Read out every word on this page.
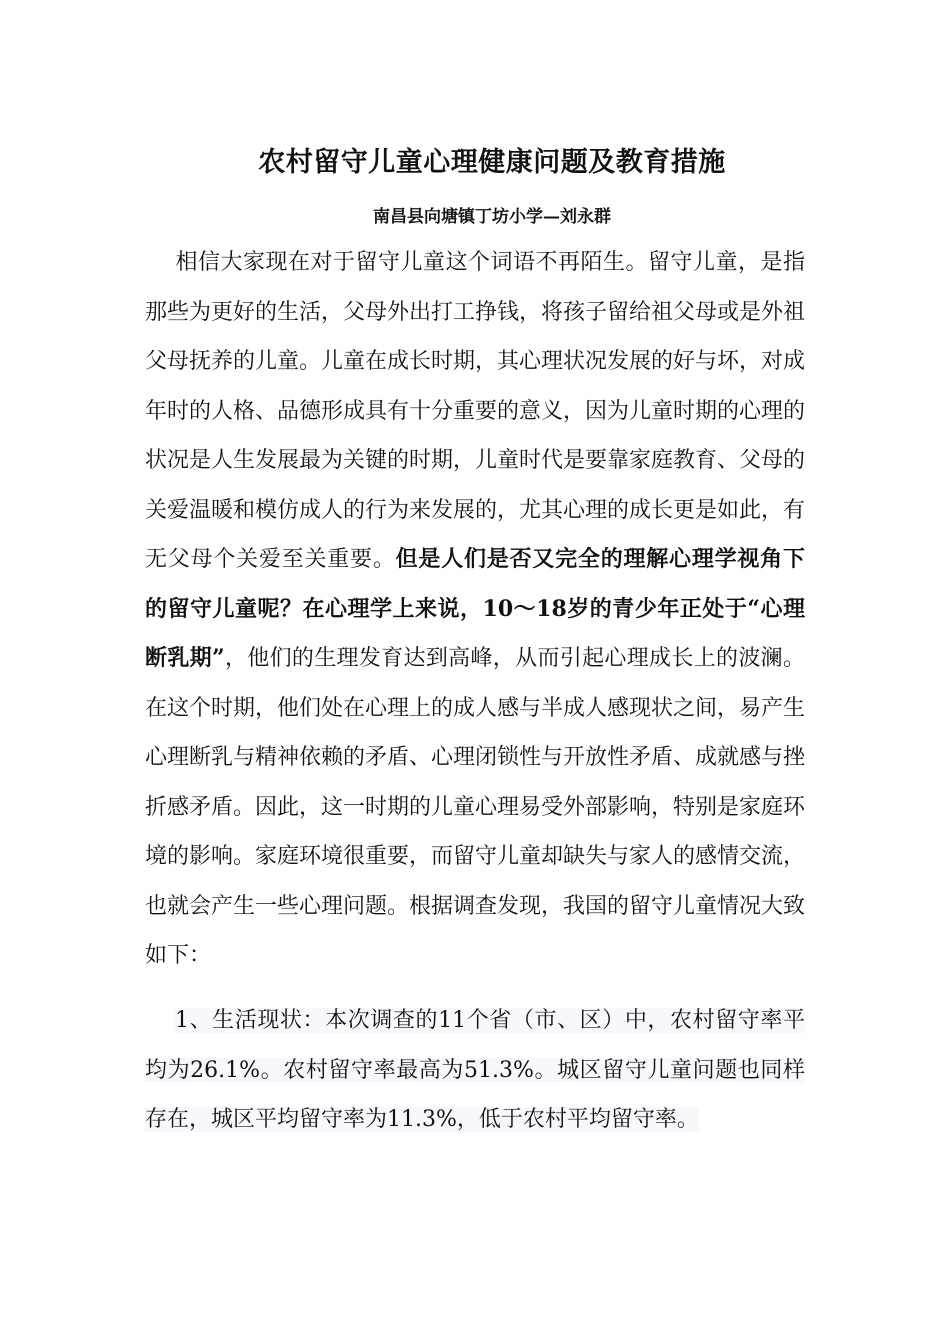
农村留守儿童心理健康问题及教育措施
南昌县向塘镇丁坊小学—刘永群
相信大家现在对于留守儿童这个词语不再陌生。留守儿童，是指那些为更好的生活，父母外出打工挣钱，将孩子留给祖父母或是外祖父母抚养的儿童。儿童在成长时期，其心理状况发展的好与坏，对成年时的人格、品德形成具有十分重要的意义，因为儿童时期的心理的状况是人生发展最为关键的时期，儿童时代是要靠家庭教育、父母的关爱温暖和模仿成人的行为来发展的，尤其心理的成长更是如此，有无父母个关爱至关重要。但是人们是否又完全的理解心理学视角下的留守儿童呢？在心理学上来说，10～18岁的青少年正处于“心理断乳期”，他们的生理发育达到高峰，从而引起心理成长上的波澜。在这个时期，他们处在心理上的成人感与半成人感现状之间，易产生心理断乳与精神依赖的矛盾、心理闭锁性与开放性矛盾、成就感与挫折感矛盾。因此，这一时期的儿童心理易受外部影响，特别是家庭环境的影响。家庭环境很重要，而留守儿童却缺失与家人的感情交流，也就会产生一些心理问题。根据调查发现，我国的留守儿童情况大致如下：
1、生活现状：本次调查的11个省（市、区）中，农村留守率平均为26.1%。农村留守率最高为51.3%。城区留守儿童问题也同样存在，城区平均留守率为11.3%，低于农村平均留守率。
